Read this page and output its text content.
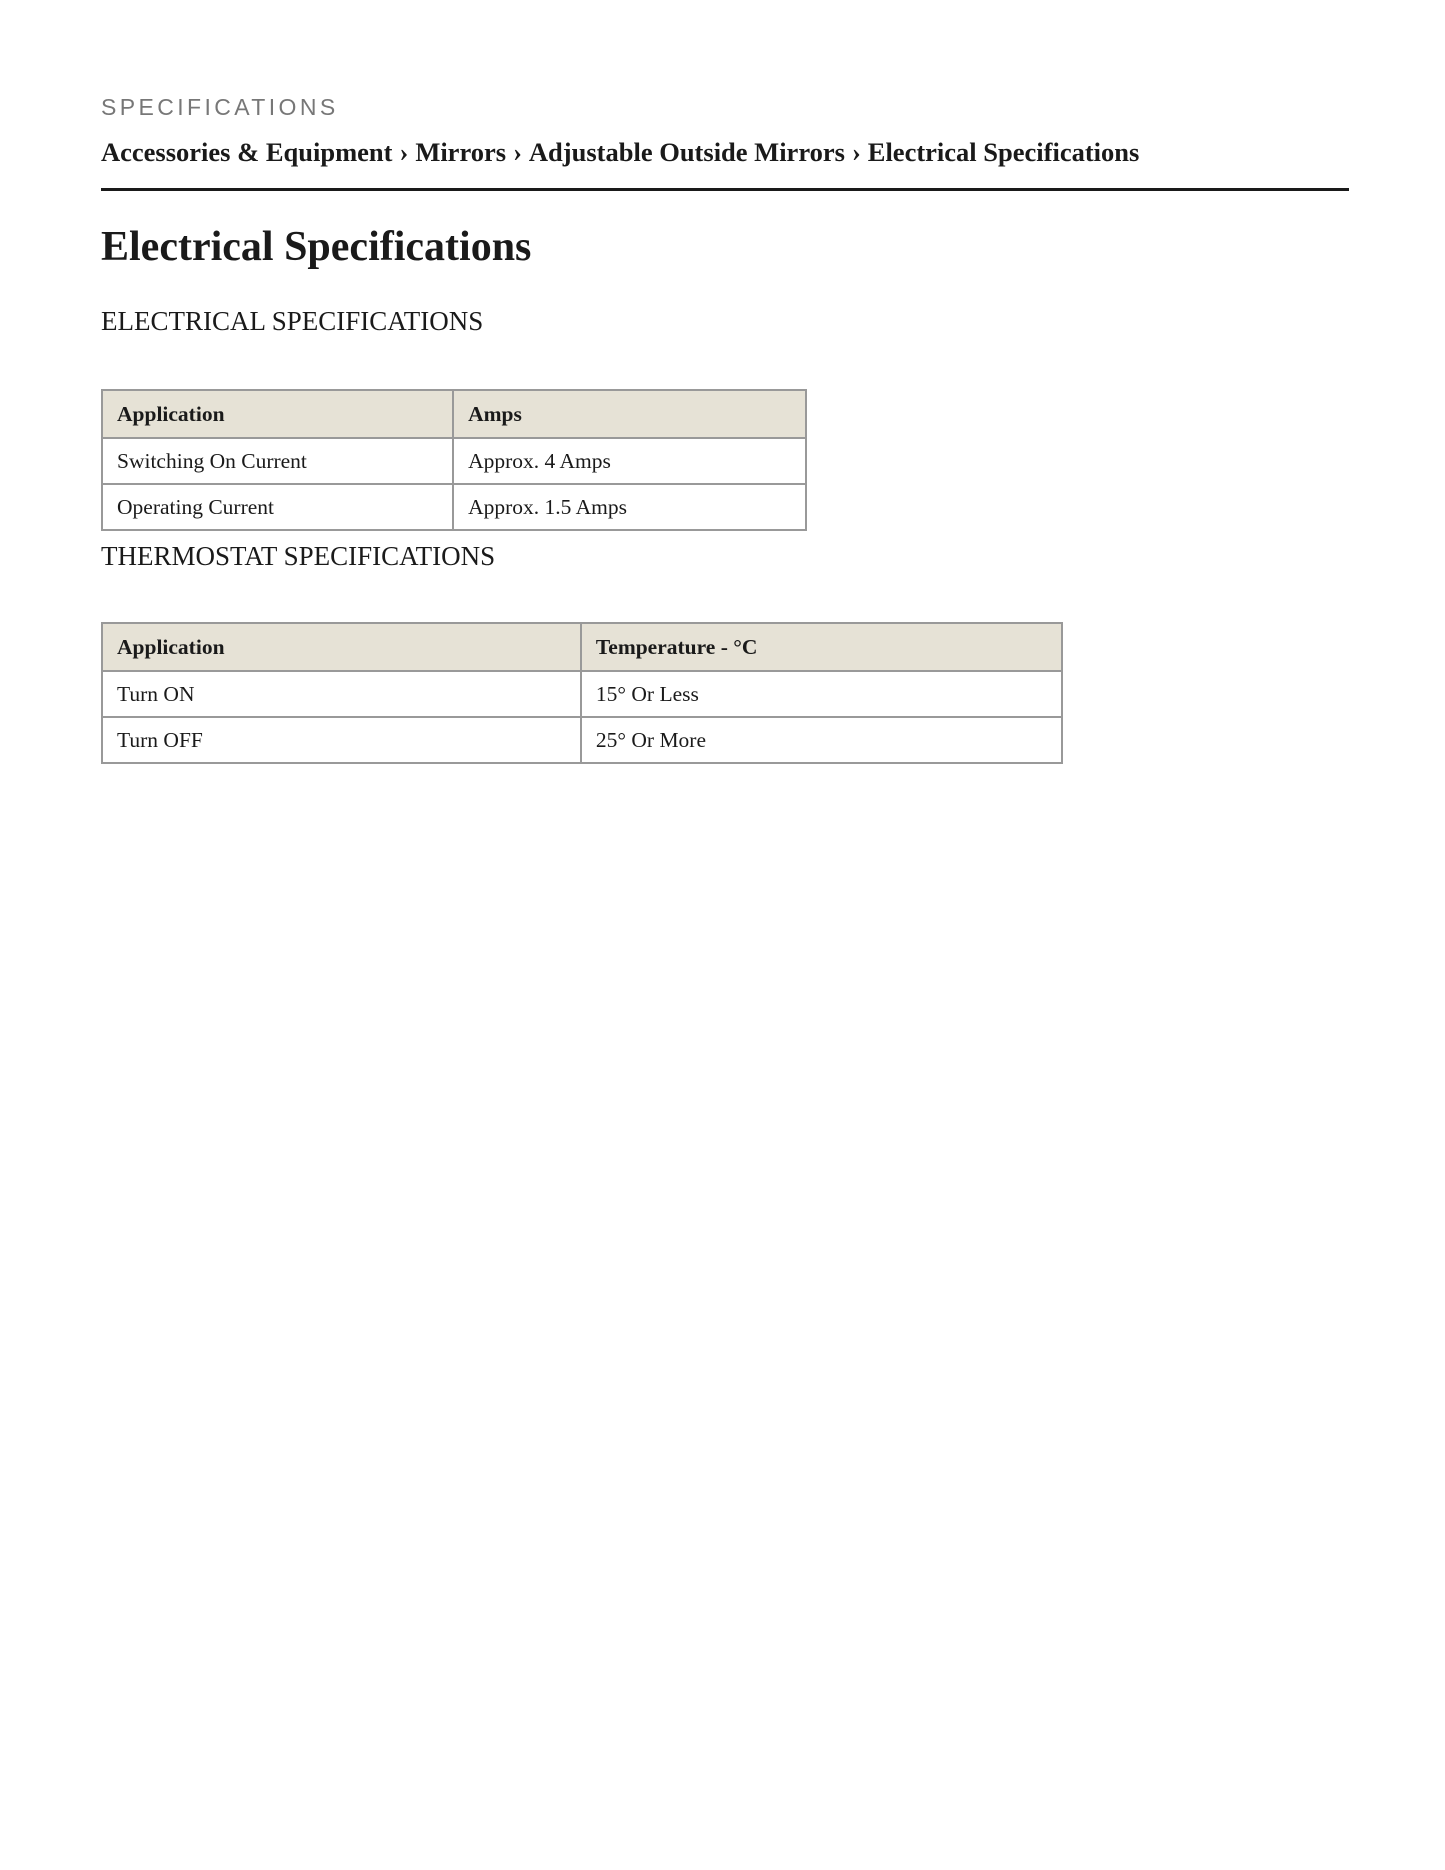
SPECIFICATIONS
Accessories & Equipment › Mirrors › Adjustable Outside Mirrors › Electrical Specifications
Electrical Specifications
ELECTRICAL SPECIFICATIONS
Application	Amps
Switching On Current	Approx. 4 Amps
Operating Current	Approx. 1.5 Amps
THERMOSTAT SPECIFICATIONS
Application	Temperature - °C
Turn ON	15° Or Less
Turn OFF	25° Or More
